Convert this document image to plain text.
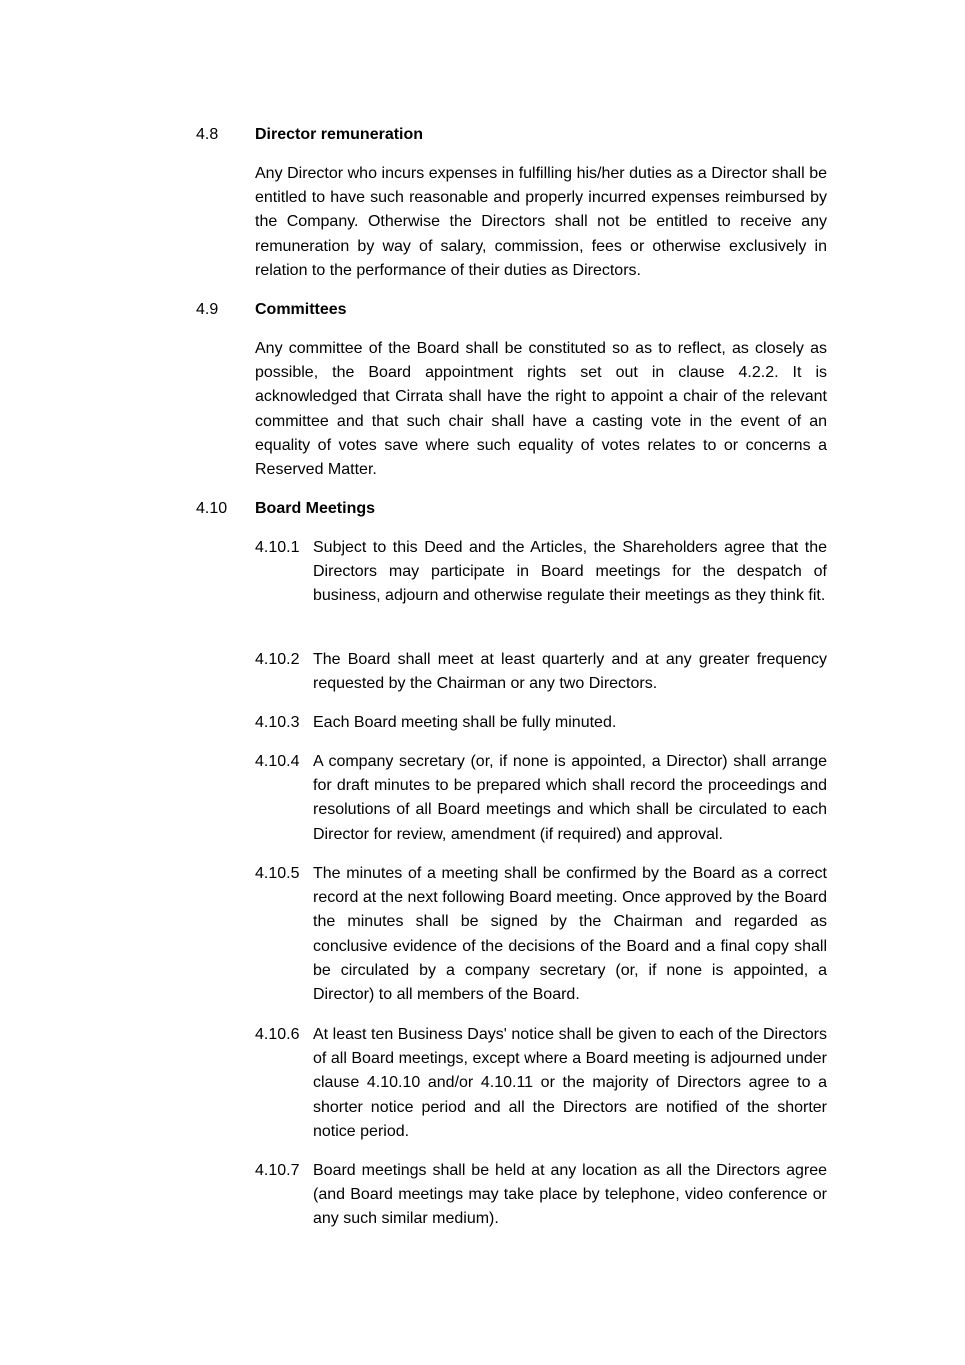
4.8 Director remuneration

Any Director who incurs expenses in fulfilling his/her duties as a Director shall be entitled to have such reasonable and properly incurred expenses reimbursed by the Company. Otherwise the Directors shall not be entitled to receive any remuneration by way of salary, commission, fees or otherwise exclusively in relation to the performance of their duties as Directors.

4.9 Committees

Any committee of the Board shall be constituted so as to reflect, as closely as possible, the Board appointment rights set out in clause 4.2.2. It is acknowledged that Cirrata shall have the right to appoint a chair of the relevant committee and that such chair shall have a casting vote in the event of an equality of votes save where such equality of votes relates to or concerns a Reserved Matter.

4.10 Board Meetings
4.10.1 Subject to this Deed and the Articles, the Shareholders agree that the Directors may participate in Board meetings for the despatch of business, adjourn and otherwise regulate their meetings as they think fit.

4.10.2 The Board shall meet at least quarterly and at any greater frequency requested by the Chairman or any two Directors.

4.10.3 Each Board meeting shall be fully minuted.

4.10.4 A company secretary (or, if none is appointed, a Director) shall arrange for draft minutes to be prepared which shall record the proceedings and resolutions of all Board meetings and which shall be circulated to each Director for review, amendment (if required) and approval.

4.10.5 The minutes of a meeting shall be confirmed by the Board as a correct record at the next following Board meeting. Once approved by the Board the minutes shall be signed by the Chairman and regarded as conclusive evidence of the decisions of the Board and a final copy shall be circulated by a company secretary (or, if none is appointed, a Director) to all members of the Board.

4.10.6 At least ten Business Days' notice shall be given to each of the Directors of all Board meetings, except where a Board meeting is adjourned under clause 4.10.10 and/or 4.10.11 or the majority of Directors agree to a shorter notice period and all the Directors are notified of the shorter notice period.

4.10.7 Board meetings shall be held at any location as all the Directors agree (and Board meetings may take place by telephone, video conference or any such similar medium).
